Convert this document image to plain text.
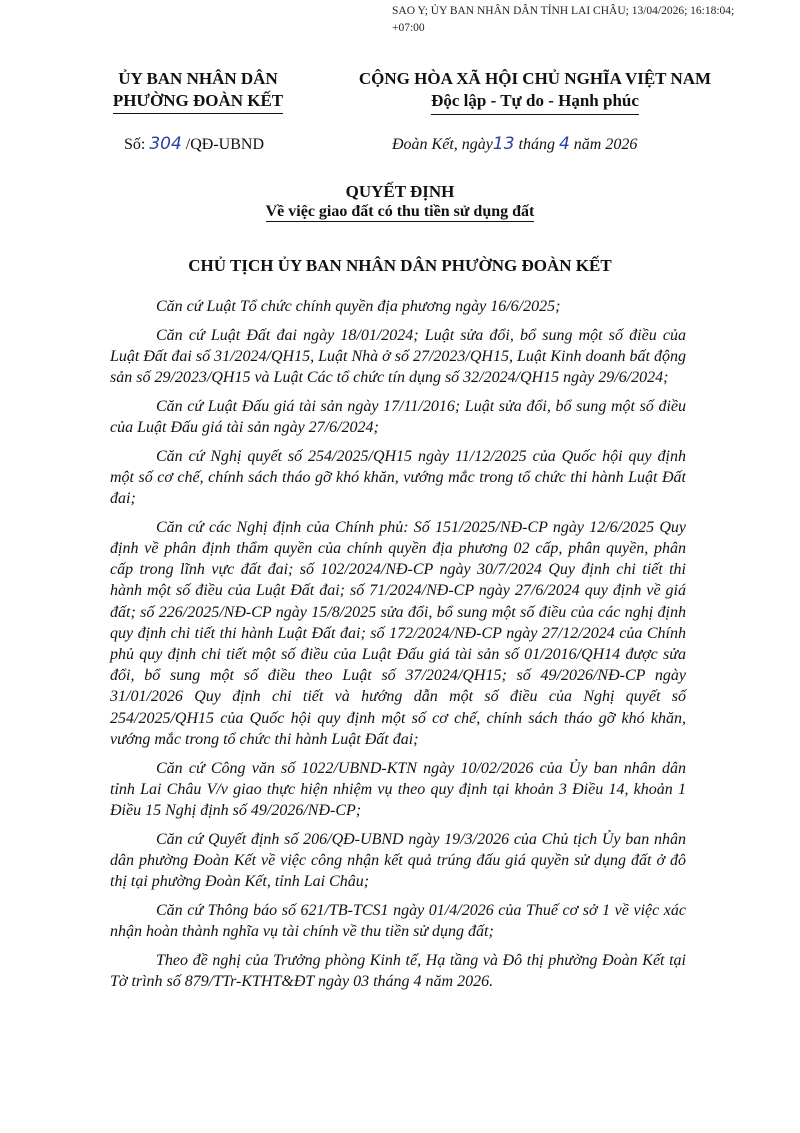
SAO Y; ỦY BAN NHÂN DÂN TỈNH LAI CHÂU; 13/04/2026; 16:18:04;
+07:00
ỦY BAN NHÂN DÂN
PHƯỜNG ĐOÀN KẾT
CỘNG HÒA XÃ HỘI CHỦ NGHĨA VIỆT NAM
Độc lập - Tự do - Hạnh phúc
Số: 304 /QĐ-UBND	Đoàn Kết, ngày13 tháng 4 năm 2026
QUYẾT ĐỊNH
Về việc giao đất có thu tiền sử dụng đất
CHỦ TỊCH ỦY BAN NHÂN DÂN PHƯỜNG ĐOÀN KẾT

Căn cứ Luật Tổ chức chính quyền địa phương ngày 16/6/2025;

Căn cứ Luật Đất đai ngày 18/01/2024; Luật sửa đổi, bổ sung một số điều của Luật Đất đai số 31/2024/QH15, Luật Nhà ở số 27/2023/QH15, Luật Kinh doanh bất động sản số 29/2023/QH15 và Luật Các tổ chức tín dụng số 32/2024/QH15 ngày 29/6/2024;

Căn cứ Luật Đấu giá tài sản ngày 17/11/2016; Luật sửa đổi, bổ sung một số điều của Luật Đấu giá tài sản ngày 27/6/2024;

Căn cứ Nghị quyết số 254/2025/QH15 ngày 11/12/2025 của Quốc hội quy định một số cơ chế, chính sách tháo gỡ khó khăn, vướng mắc trong tổ chức thi hành Luật Đất đai;

Căn cứ các Nghị định của Chính phủ: Số 151/2025/NĐ-CP ngày 12/6/2025 Quy định về phân định thẩm quyền của chính quyền địa phương 02 cấp, phân quyền, phân cấp trong lĩnh vực đất đai; số 102/2024/NĐ-CP ngày 30/7/2024 Quy định chi tiết thi hành một số điều của Luật Đất đai; số 71/2024/NĐ-CP ngày 27/6/2024 quy định về giá đất; số 226/2025/NĐ-CP ngày 15/8/2025 sửa đổi, bổ sung một số điều của các nghị định quy định chi tiết thi hành Luật Đất đai; số 172/2024/NĐ-CP ngày 27/12/2024 của Chính phủ quy định chi tiết một số điều của Luật Đấu giá tài sản số 01/2016/QH14 được sửa đổi, bổ sung một số điều theo Luật số 37/2024/QH15; số 49/2026/NĐ-CP ngày 31/01/2026 Quy định chi tiết và hướng dẫn một số điều của Nghị quyết số 254/2025/QH15 của Quốc hội quy định một số cơ chế, chính sách tháo gỡ khó khăn, vướng mắc trong tổ chức thi hành Luật Đất đai;

Căn cứ Công văn số 1022/UBND-KTN ngày 10/02/2026 của Ủy ban nhân dân tỉnh Lai Châu V/v giao thực hiện nhiệm vụ theo quy định tại khoản 3 Điều 14, khoản 1 Điều 15 Nghị định số 49/2026/NĐ-CP;

Căn cứ Quyết định số 206/QĐ-UBND ngày 19/3/2026 của Chủ tịch Ủy ban nhân dân phường Đoàn Kết về việc công nhận kết quả trúng đấu giá quyền sử dụng đất ở đô thị tại phường Đoàn Kết, tỉnh Lai Châu;

Căn cứ Thông báo số 621/TB-TCS1 ngày 01/4/2026 của Thuế cơ sở 1 về việc xác nhận hoàn thành nghĩa vụ tài chính về thu tiền sử dụng đất;

Theo đề nghị của Trưởng phòng Kinh tế, Hạ tầng và Đô thị phường Đoàn Kết tại Tờ trình số 879/TTr-KTHT&ĐT ngày 03 tháng 4 năm 2026.
